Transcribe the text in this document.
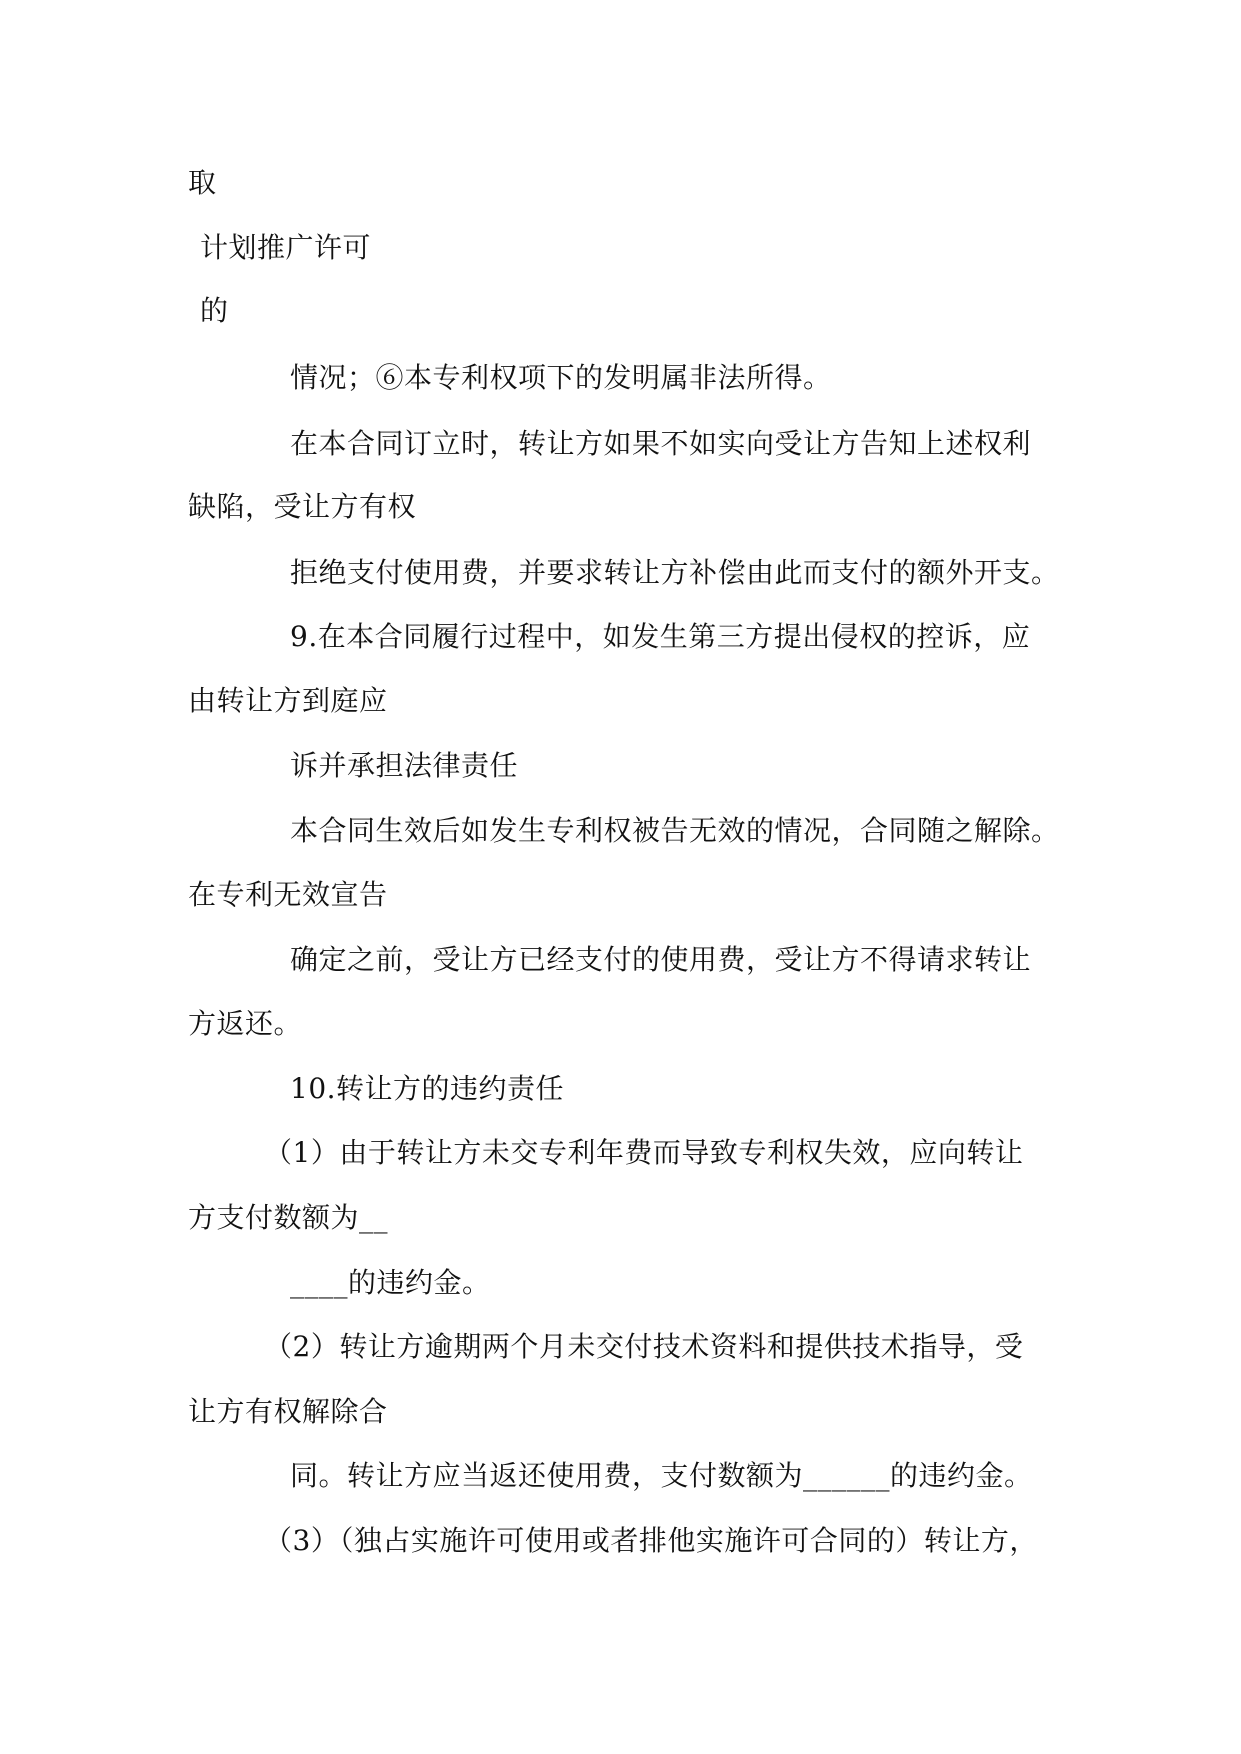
取
计划推广许可
的
情况；⑥本专利权项下的发明属非法所得。
在本合同订立时，转让方如果不如实向受让方告知上述权利
缺陷，受让方有权
拒绝支付使用费，并要求转让方补偿由此而支付的额外开支。
9.在本合同履行过程中，如发生第三方提出侵权的控诉，应
由转让方到庭应
诉并承担法律责任
本合同生效后如发生专利权被告无效的情况，合同随之解除。
在专利无效宣告
确定之前，受让方已经支付的使用费，受让方不得请求转让
方返还。
10.转让方的违约责任
（1）由于转让方未交专利年费而导致专利权失效，应向转让
方支付数额为__
____的违约金。
（2）转让方逾期两个月未交付技术资料和提供技术指导，受
让方有权解除合
同。转让方应当返还使用费，支付数额为______的违约金。
（3）（独占实施许可使用或者排他实施许可合同的）转让方，
